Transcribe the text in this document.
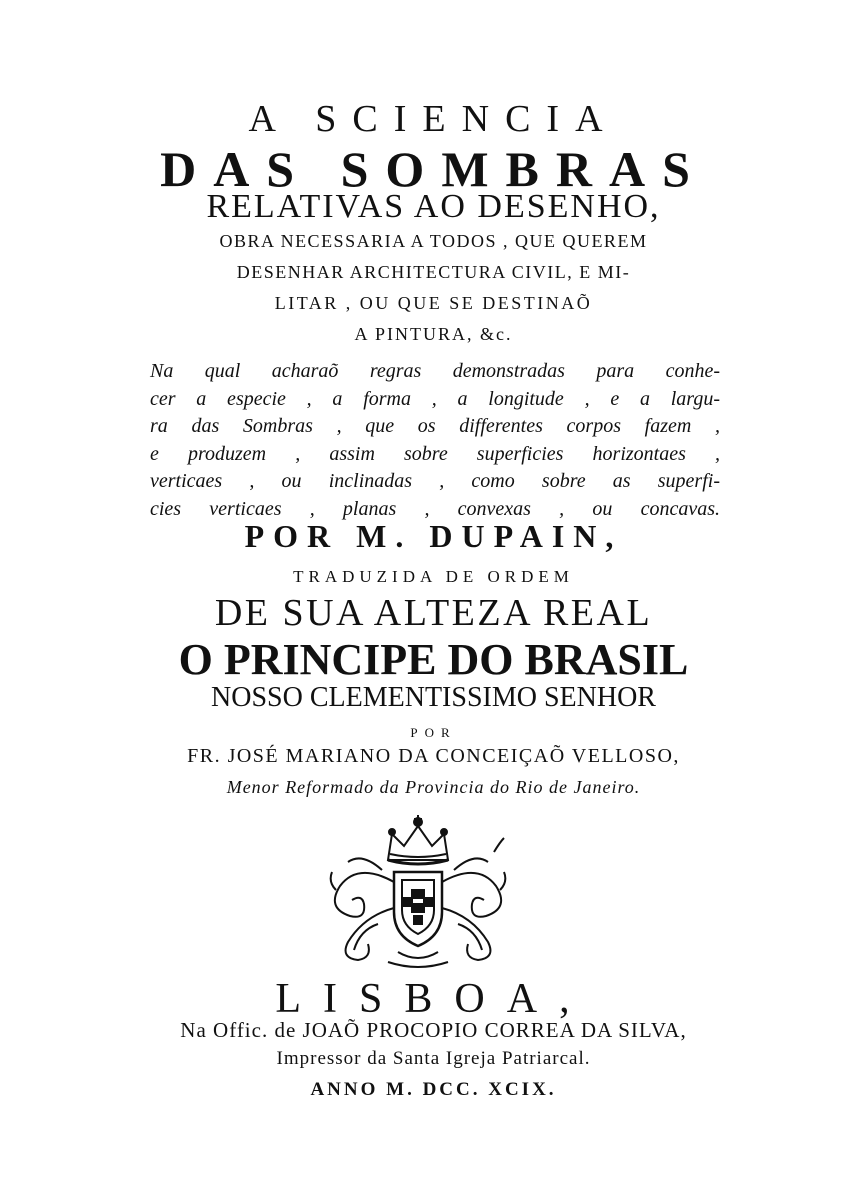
A SCIENCIA
DAS SOMBRAS
RELATIVAS AO DESENHO,
OBRA NECESSARIA A TODOS , QUE QUEREM
DESENHAR ARCHITECTURA CIVIL, E MI-
LITAR , OU QUE SE DESTINAÕ
A PINTURA, &c.
Na qual acharaõ regras demonstradas para conhe-
cer a especie , a forma , a longitude , e a largu-
ra das Sombras , que os differentes corpos fazem ,
e produzem , assim sobre superficies horizontaes ,
verticaes , ou inclinadas , como sobre as superfi-
cies verticaes , planas , convexas , ou concavas.
POR M. DUPAIN,
TRADUZIDA DE ORDEM
DE SUA ALTEZA REAL
O PRINCIPE DO BRASIL
NOSSO CLEMENTISSIMO SENHOR
POR
FR. JOSÉ MARIANO DA CONCEIÇAÕ VELLOSO,
Menor Reformado da Provincia do Rio de Janeiro.
LISBOA,
Na Offic. de JOAÕ PROCOPIO CORREA DA SILVA,
Impressor da Santa Igreja Patriarcal.
ANNO M. DCC. XCIX.
